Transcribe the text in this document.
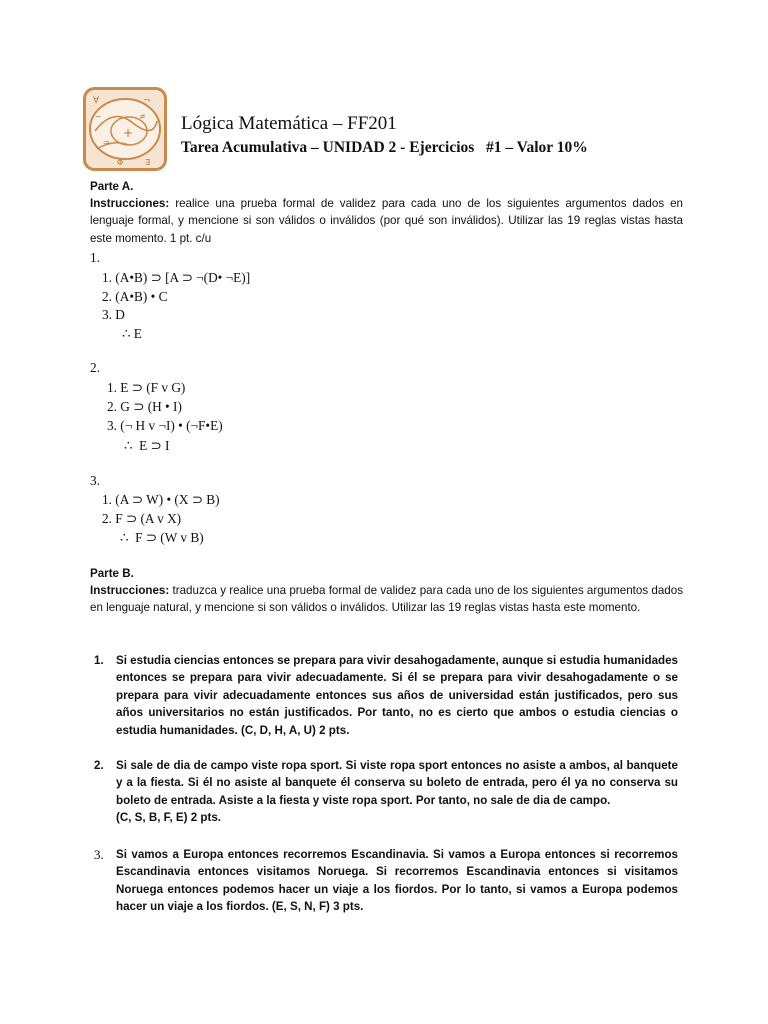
∀	¬
~
+
≠
Φ	∃
⇒
Lógica Matemática – FF201
Tarea Acumulativa – UNIDAD 2 - Ejercicios   #1 – Valor 10%
Parte A.
Instrucciones: realice una prueba formal de validez para cada uno de los siguientes argumentos dados en lenguaje formal, y mencione si son válidos o inválidos (por qué son inválidos). Utilizar las 19 reglas vistas hasta este momento. 1 pt. c/u
1.
1. (A•B) ⊃ [A ⊃ ¬(D• ¬E)]
2. (A•B) • C
3. D
∴ E
2.
1. E ⊃ (F v G)
2. G ⊃ (H • I)
3. (¬ H v ¬I) • (¬F•E)
∴  E ⊃ I
3.
1. (A ⊃ W) • (X ⊃ B)
2. F ⊃ (A v X)
∴  F ⊃ (W v B)
Parte B.
Instrucciones: traduzca y realice una prueba formal de validez para cada uno de los siguientes argumentos dados en lenguaje natural, y mencione si son válidos o inválidos. Utilizar las 19 reglas vistas hasta este momento.
1. Si estudia ciencias entonces se prepara para vivir desahogadamente, aunque si estudia humanidades entonces se prepara para vivir adecuadamente. Si él se prepara para vivir desahogadamente o se prepara para vivir adecuadamente entonces sus años de universidad están justificados, pero sus años universitarios no están justificados. Por tanto, no es cierto que ambos o estudia ciencias o estudia humanidades. (C, D, H, A, U) 2 pts.
2. Si sale de dia de campo viste ropa sport. Si viste ropa sport entonces no asiste a ambos, al banquete y a la fiesta. Si él no asiste al banquete él conserva su boleto de entrada, pero él ya no conserva su boleto de entrada. Asiste a la fiesta y viste ropa sport. Por tanto, no sale de dia de campo.
(C, S, B, F, E) 2 pts.
3. Si vamos a Europa entonces recorremos Escandinavia. Si vamos a Europa entonces si recorremos Escandinavia entonces visitamos Noruega. Si recorremos Escandinavia entonces si visitamos Noruega entonces podemos hacer un viaje a los fiordos. Por lo tanto, si vamos a Europa podemos hacer un viaje a los fiordos. (E, S, N, F) 3 pts.
